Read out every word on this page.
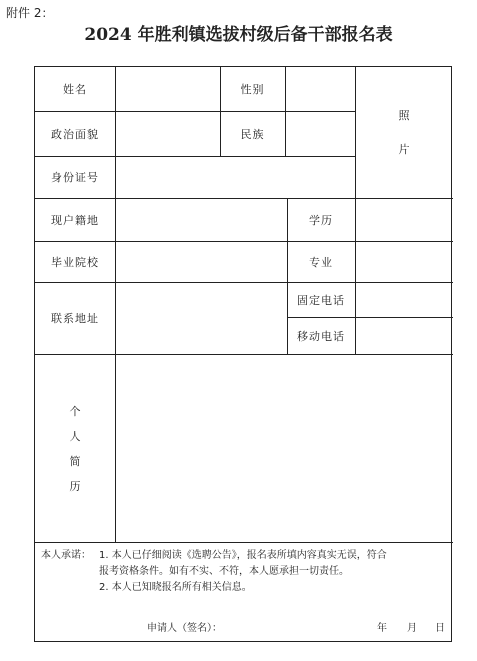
附件 2：
2024 年胜利镇选拔村级后备干部报名表
姓名	性别
政治面貌	民族
身份证号
现户籍地	学历
毕业院校	专业
联系地址
固定电话
移动电话
照
片
个
人
简
历
本人承诺： 1. 本人已仔细阅读《选聘公告》，报名表所填内容真实无误，符合
报考资格条件。如有不实、不符，本人愿承担一切责任。
2. 本人已知晓报名所有相关信息。
申请人（签名）：	年 月 日
